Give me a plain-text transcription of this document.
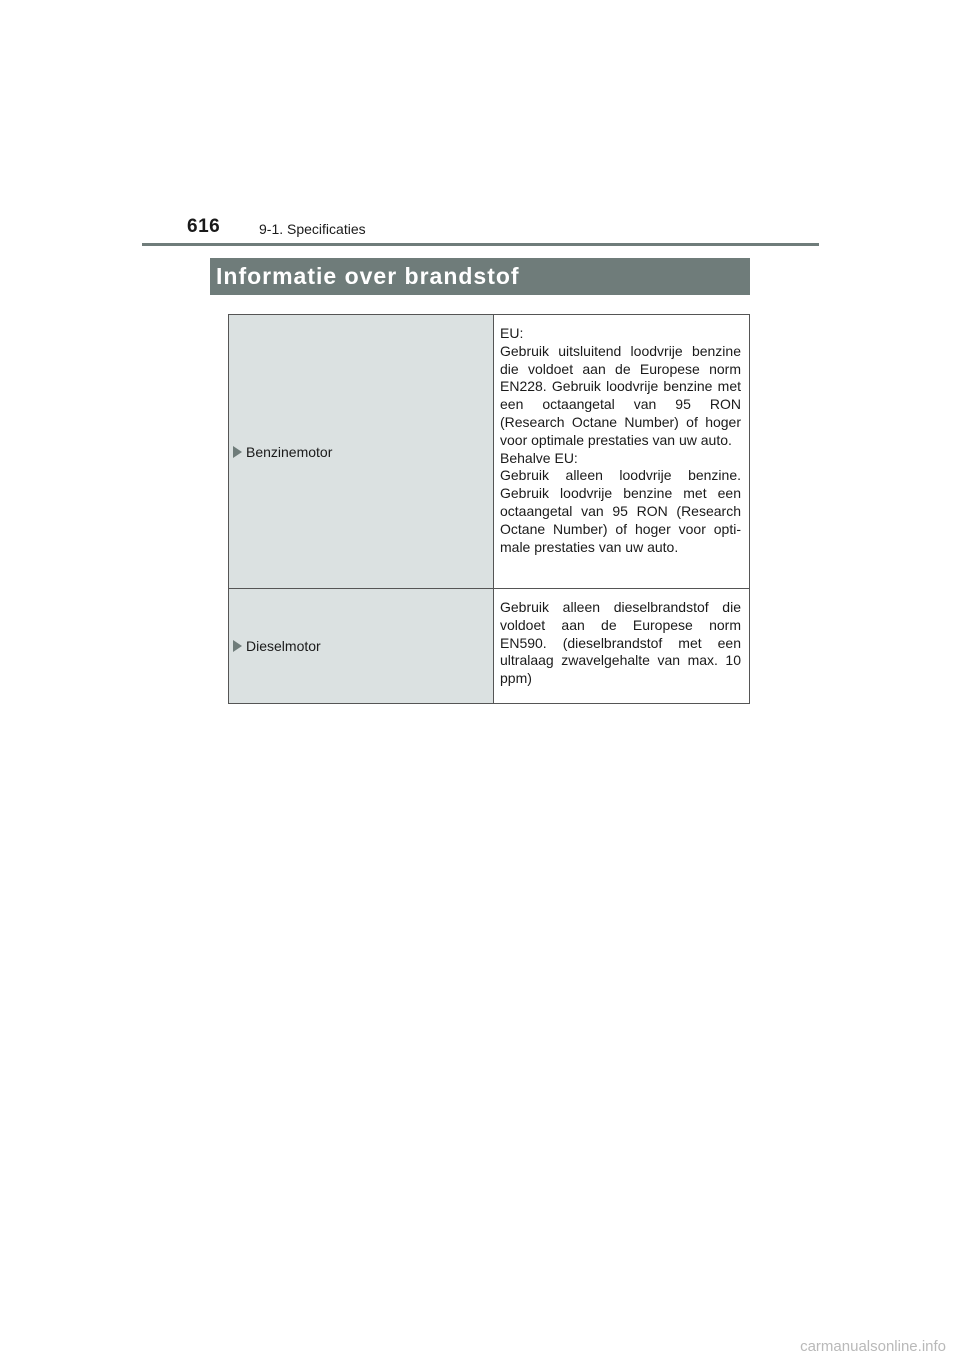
616	9-1. Specificaties
Informatie over brandstof
Benzinemotor	EU:

Gebruik uitsluitend loodvrije benzine die voldoet aan de Europese norm EN228. Gebruik loodvrije benzine met een octaangetal van 95 RON (Research Octane Number) of hoger voor optimale prestaties van uw auto.

Behalve EU:

Gebruik alleen loodvrije benzine. Gebruik loodvrije benzine met een octaangetal van 95 RON (Research Octane Number) of hoger voor opti-male prestaties van uw auto.

Dieselmotor	Gebruik alleen dieselbrandstof die voldoet aan de Europese norm EN590. (dieselbrandstof met een ultralaag zwavelgehalte van max. 10 ppm)

carmanualsonline.info
